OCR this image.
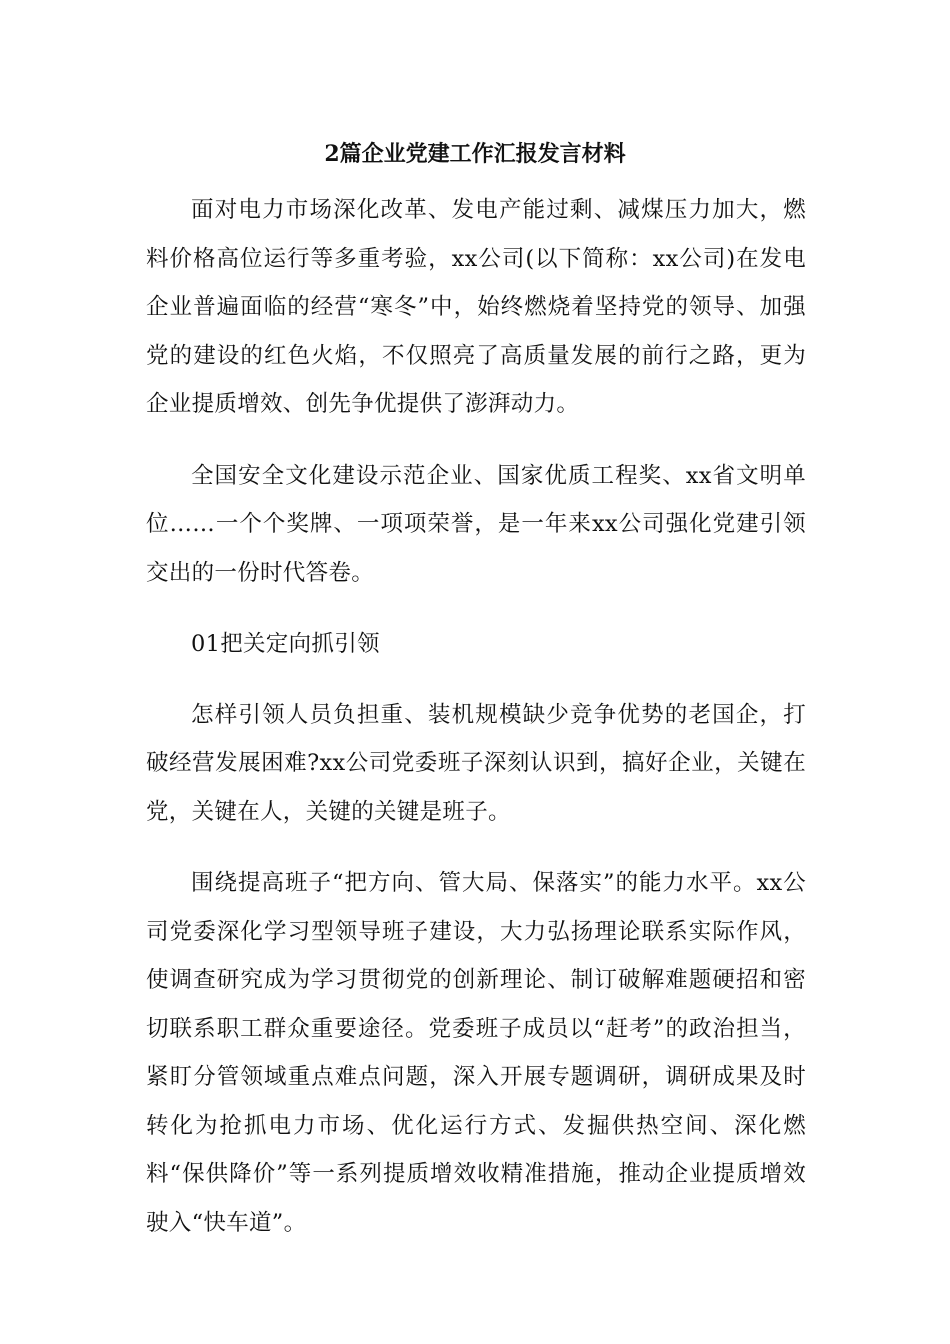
2篇企业党建工作汇报发言材料

面对电力市场深化改革、发电产能过剩、减煤压力加大，燃料价格高位运行等多重考验，xx公司(以下简称：xx公司)在发电企业普遍面临的经营“寒冬”中，始终燃烧着坚持党的领导、加强党的建设的红色火焰，不仅照亮了高质量发展的前行之路，更为企业提质增效、创先争优提供了澎湃动力。

全国安全文化建设示范企业、国家优质工程奖、xx省文明单位……一个个奖牌、一项项荣誉，是一年来xx公司强化党建引领交出的一份时代答卷。

01把关定向抓引领

怎样引领人员负担重、装机规模缺少竞争优势的老国企，打破经营发展困难?xx公司党委班子深刻认识到，搞好企业，关键在党，关键在人，关键的关键是班子。

围绕提高班子“把方向、管大局、保落实”的能力水平。xx公司党委深化学习型领导班子建设，大力弘扬理论联系实际作风，使调查研究成为学习贯彻党的创新理论、制订破解难题硬招和密切联系职工群众重要途径。党委班子成员以“赶考”的政治担当，紧盯分管领域重点难点问题，深入开展专题调研，调研成果及时转化为抢抓电力市场、优化运行方式、发掘供热空间、深化燃料“保供降价”等一系列提质增效收精准措施，推动企业提质增效驶入“快车道”。
